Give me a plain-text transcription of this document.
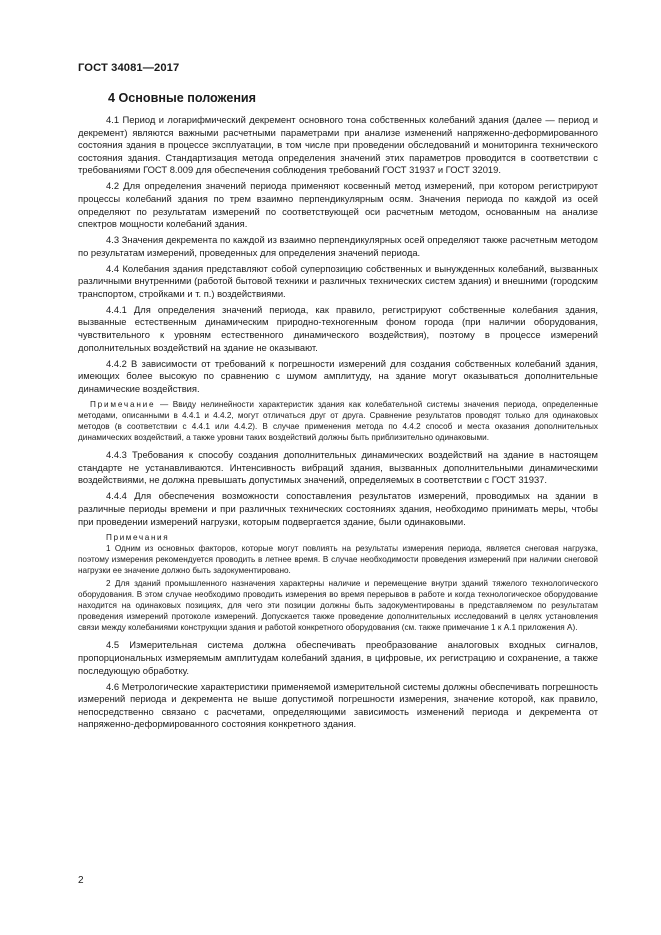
ГОСТ 34081—2017
4 Основные положения

4.1 Период и логарифмический декремент основного тона собственных колебаний здания (далее — период и декремент) являются важными расчетными параметрами при анализе изменений напряженно-деформированного состояния здания в процессе эксплуатации, в том числе при проведении обследований и мониторинга технического состояния здания. Стандартизация метода определения значений этих параметров проводится в соответствии с требованиями ГОСТ 8.009 для обеспечения соблюдения требований ГОСТ 31937 и ГОСТ 32019.

4.2 Для определения значений периода применяют косвенный метод измерений, при котором регистрируют процессы колебаний здания по трем взаимно перпендикулярным осям. Значения периода по каждой из осей определяют по результатам измерений по соответствующей оси расчетным методом, основанным на анализе спектров мощности колебаний здания.

4.3 Значения декремента по каждой из взаимно перпендикулярных осей определяют также расчетным методом по результатам измерений, проведенных для определения значений периода.

4.4 Колебания здания представляют собой суперпозицию собственных и вынужденных колебаний, вызванных различными внутренними (работой бытовой техники и различных технических систем здания) и внешними (городским транспортом, стройками и т. п.) воздействиями.

4.4.1 Для определения значений периода, как правило, регистрируют собственные колебания здания, вызванные естественным динамическим природно-техногенным фоном города (при наличии оборудования, чувствительного к уровням естественного динамического воздействия), поэтому в процессе измерений дополнительных воздействий на здание не оказывают.

4.4.2 В зависимости от требований к погрешности измерений для создания собственных колебаний здания, имеющих более высокую по сравнению с шумом амплитуду, на здание могут оказываться дополнительные динамические воздействия.

Примечание — Ввиду нелинейности характеристик здания как колебательной системы значения периода, определенные методами, описанными в 4.4.1 и 4.4.2, могут отличаться друг от друга. Сравнение результатов проводят только для одинаковых методов (в соответствии с 4.4.1 или 4.4.2). В случае применения метода по 4.4.2 способ и места оказания дополнительных динамических воздействий, а также уровни таких воздействий должны быть приблизительно одинаковыми.

4.4.3 Требования к способу создания дополнительных динамических воздействий на здание в настоящем стандарте не устанавливаются. Интенсивность вибраций здания, вызванных дополнительными динамическими воздействиями, не должна превышать допустимых значений, определяемых в соответствии с ГОСТ 31937.

4.4.4 Для обеспечения возможности сопоставления результатов измерений, проводимых на здании в различные периоды времени и при различных технических состояниях здания, необходимо принимать меры, чтобы при проведении измерений нагрузки, которым подвергается здание, были одинаковыми.

Примечания

1 Одним из основных факторов, которые могут повлиять на результаты измерения периода, является снеговая нагрузка, поэтому измерения рекомендуется проводить в летнее время. В случае необходимости проведения измерений при наличии снеговой нагрузки ее значение должно быть задокументировано.

2 Для зданий промышленного назначения характерны наличие и перемещение внутри зданий тяжелого технологического оборудования. В этом случае необходимо проводить измерения во время перерывов в работе и когда технологическое оборудование находится на одинаковых позициях, для чего эти позиции должны быть задокументированы в представляемом по результатам проведения измерений протоколе измерений. Допускается также проведение дополнительных исследований в целях установления связи между колебаниями конструкции здания и работой конкретного оборудования (см. также примечание 1 к А.1 приложения А).

4.5 Измерительная система должна обеспечивать преобразование аналоговых входных сигналов, пропорциональных измеряемым амплитудам колебаний здания, в цифровые, их регистрацию и сохранение, а также последующую обработку.

4.6 Метрологические характеристики применяемой измерительной системы должны обеспечивать погрешность измерений периода и декремента не выше допустимой погрешности измерения, значение которой, как правило, непосредственно связано с расчетами, определяющими зависимость изменений периода и декремента от напряженно-деформированного состояния конкретного здания.

2
